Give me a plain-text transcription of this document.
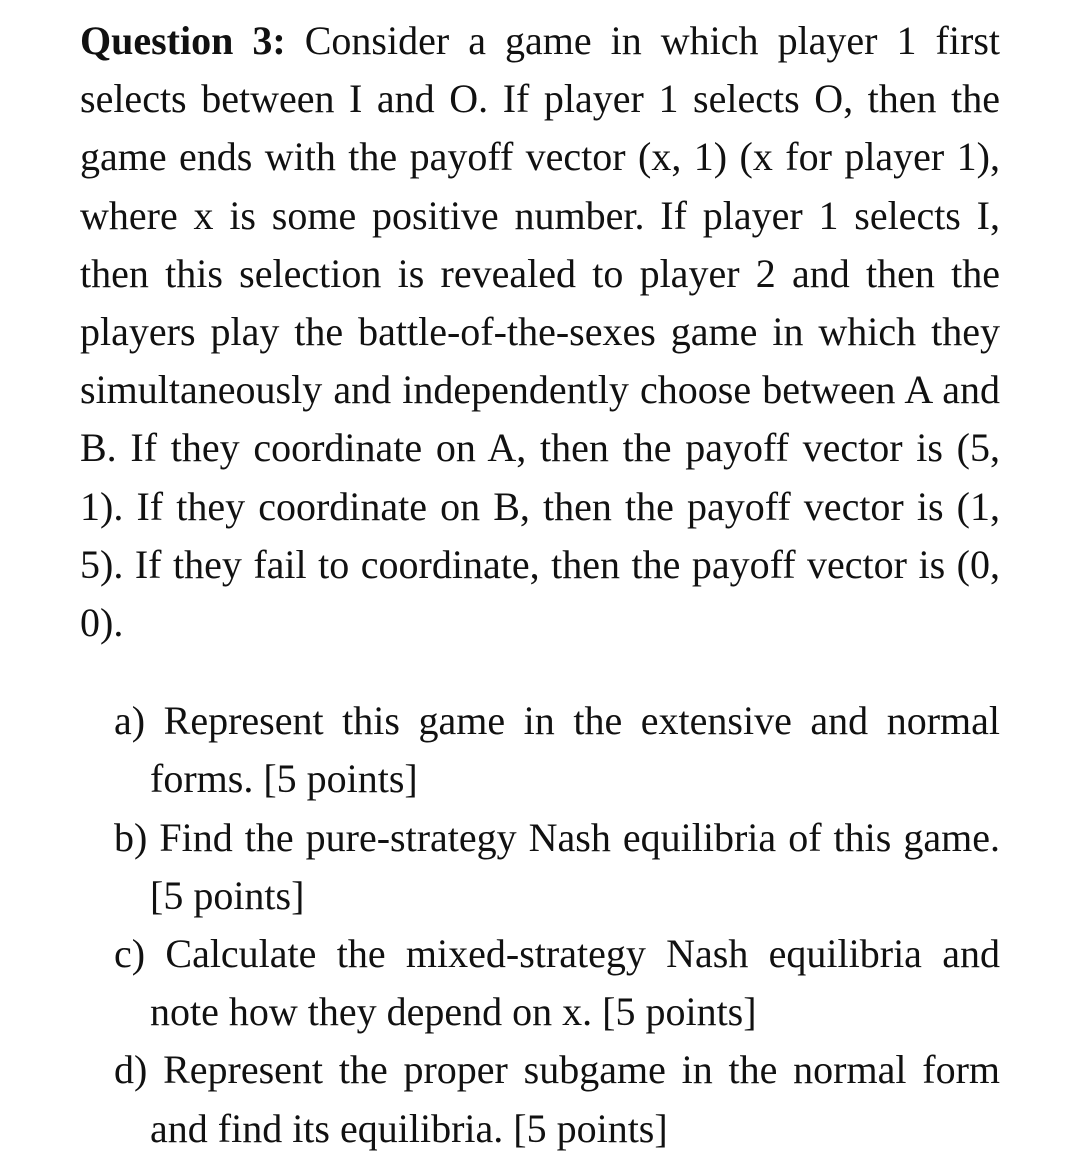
Question 3: Consider a game in which player 1 first selects between I and O. If player 1 selects O, then the game ends with the payoff vector (x, 1) (x for player 1), where x is some positive number. If player 1 selects I, then this selection is revealed to player 2 and then the players play the battle-of-the-sexes game in which they simultaneously and independently choose between A and B. If they coordinate on A, then the payoff vector is (5, 1). If they coordinate on B, then the payoff vector is (1, 5). If they fail to coordinate, then the payoff vector is (0, 0).

a) Represent this game in the extensive and normal forms. [5 points]
b) Find the pure-strategy Nash equilibria of this game. [5 points]
c) Calculate the mixed-strategy Nash equilibria and note how they depend on x. [5 points]
d) Represent the proper subgame in the normal form and find its equilibria. [5 points]
